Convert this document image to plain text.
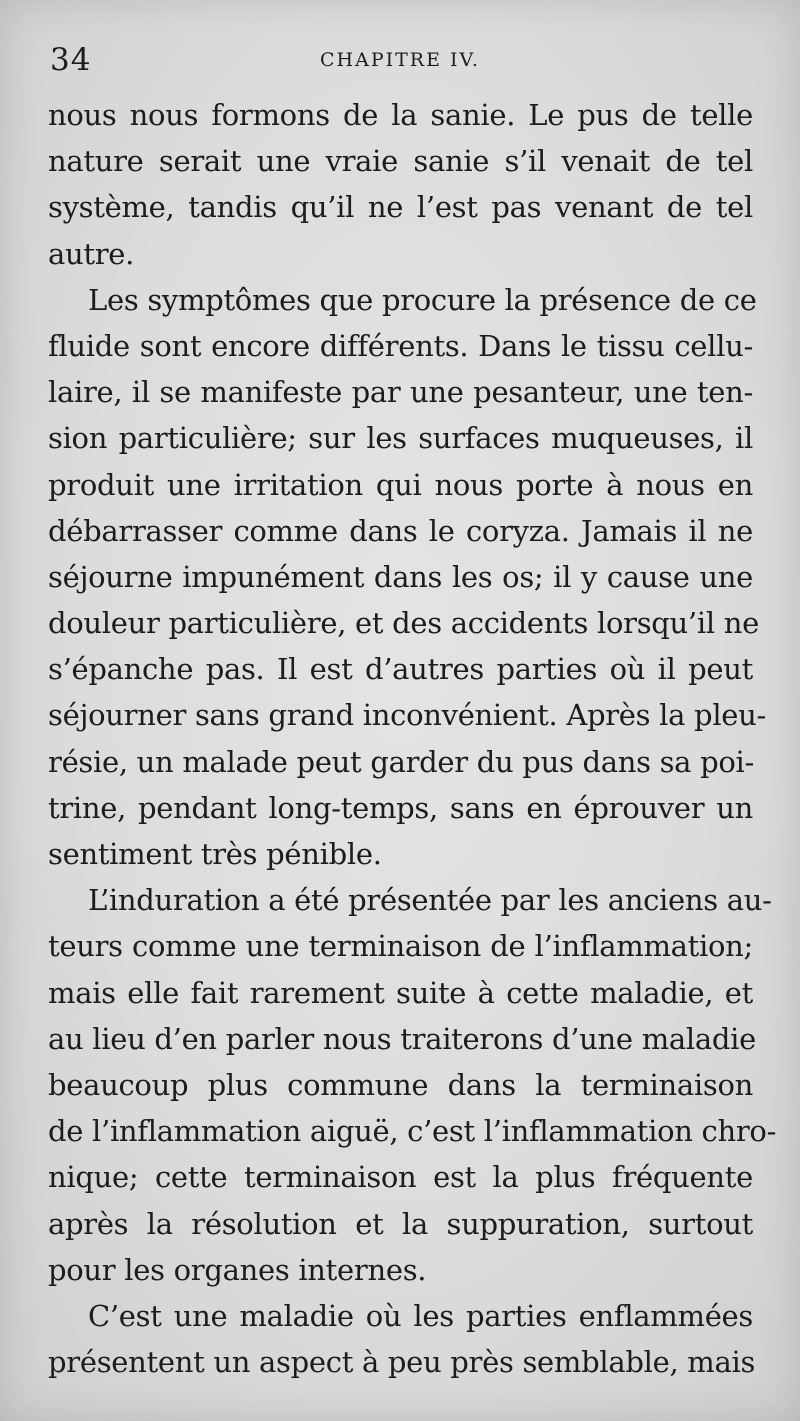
34	CHAPITRE IV.
nous nous formons de la sanie. Le pus de telle
nature serait une vraie sanie s’il venait de tel
système, tandis qu’il ne l’est pas venant de tel
autre.
Les symptômes que procure la présence de ce
fluide sont encore différents. Dans le tissu cellu-
laire, il se manifeste par une pesanteur, une ten-
sion particulière; sur les surfaces muqueuses, il
produit une irritation qui nous porte à nous en
débarrasser comme dans le coryza. Jamais il ne
séjourne impunément dans les os; il y cause une
douleur particulière, et des accidents lorsqu’il ne
s’épanche pas. Il est d’autres parties où il peut
séjourner sans grand inconvénient. Après la pleu-
résie, un malade peut garder du pus dans sa poi-
trine, pendant long-temps, sans en éprouver un
sentiment très pénible.
L’induration a été présentée par les anciens au-
teurs comme une terminaison de l’inflammation;
mais elle fait rarement suite à cette maladie, et
au lieu d’en parler nous traiterons d’une maladie
beaucoup plus commune dans la terminaison
de l’inflammation aiguë, c’est l’inflammation chro-
nique; cette terminaison est la plus fréquente
après la résolution et la suppuration, surtout
pour les organes internes.
C’est une maladie où les parties enflammées
présentent un aspect à peu près semblable, mais
